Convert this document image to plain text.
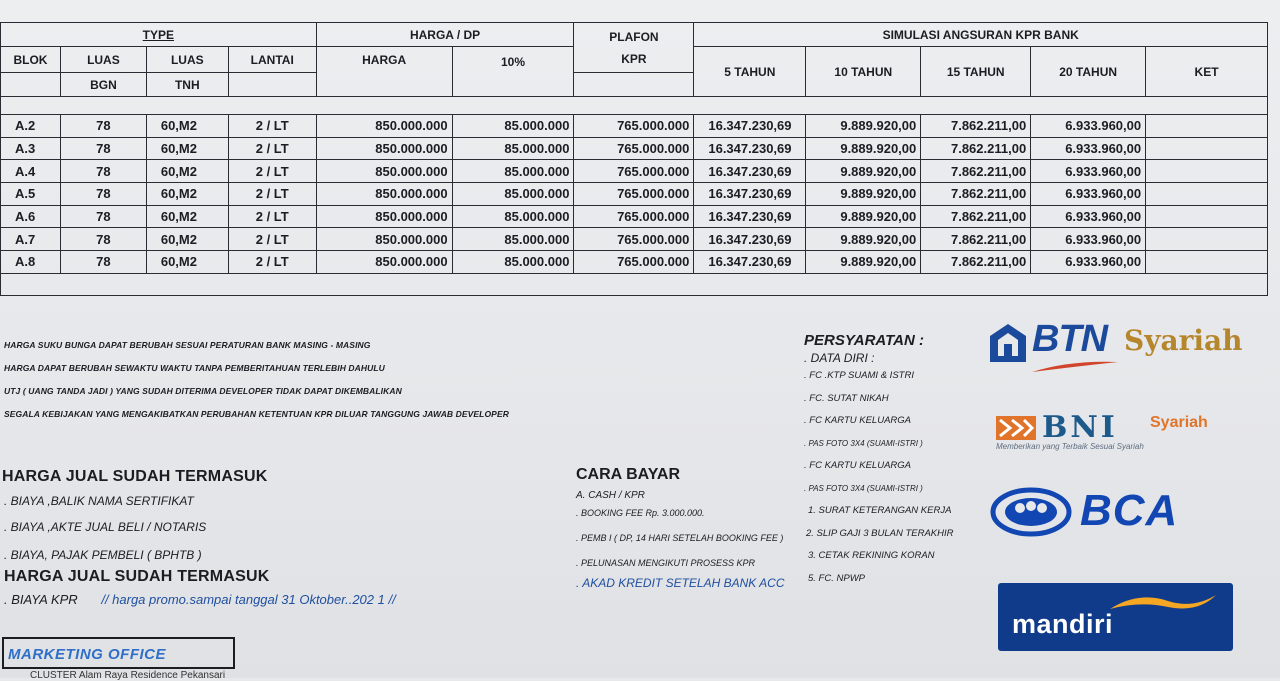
TYPE				HARGA / DP		PLAFON
KPR	SIMULASI ANGSURAN KPR BANK				
BLOK	LUAS	LUAS	LANTAI	HARGA	10%		5 TAHUN	10 TAHUN	15 TAHUN	20 TAHUN	KET
	BGN	TNH									

A.2	78	60,M2	2 / LT	850.000.000	85.000.000	765.000.000	16.347.230,69	9.889.920,00	7.862.211,00	6.933.960,00	
A.3	78	60,M2	2 / LT	850.000.000	85.000.000	765.000.000	16.347.230,69	9.889.920,00	7.862.211,00	6.933.960,00	
A.4	78	60,M2	2 / LT	850.000.000	85.000.000	765.000.000	16.347.230,69	9.889.920,00	7.862.211,00	6.933.960,00	
A.5	78	60,M2	2 / LT	850.000.000	85.000.000	765.000.000	16.347.230,69	9.889.920,00	7.862.211,00	6.933.960,00	
A.6	78	60,M2	2 / LT	850.000.000	85.000.000	765.000.000	16.347.230,69	9.889.920,00	7.862.211,00	6.933.960,00	
A.7	78	60,M2	2 / LT	850.000.000	85.000.000	765.000.000	16.347.230,69	9.889.920,00	7.862.211,00	6.933.960,00	
A.8	78	60,M2	2 / LT	850.000.000	85.000.000	765.000.000	16.347.230,69	9.889.920,00	7.862.211,00	6.933.960,00	

HARGA SUKU BUNGA DAPAT BERUBAH SESUAI PERATURAN BANK MASING - MASING
HARGA DAPAT BERUBAH SEWAKTU WAKTU TANPA PEMBERITAHUAN TERLEBIH DAHULU
UTJ ( UANG TANDA JADI ) YANG SUDAH DITERIMA DEVELOPER TIDAK DAPAT DIKEMBALIKAN
SEGALA KEBIJAKAN YANG MENGAKIBATKAN PERUBAHAN KETENTUAN KPR DILUAR TANGGUNG JAWAB DEVELOPER
HARGA JUAL SUDAH TERMASUK
. BIAYA ,BALIK NAMA SERTIFIKAT
. BIAYA ,AKTE JUAL BELI / NOTARIS
. BIAYA, PAJAK PEMBELI ( BPHTB )
HARGA JUAL SUDAH TERMASUK
. BIAYA KPR // harga promo.sampai tanggal 31 Oktober..202 1 //
CARA BAYAR
A. CASH / KPR
. BOOKING FEE Rp. 3.000.000.
. PEMB I ( DP, 14 HARI SETELAH BOOKING FEE )
. PELUNASAN MENGIKUTI PROSESS KPR
. AKAD KREDIT SETELAH BANK ACC
PERSYARATAN :
. DATA DIRI :
. FC .KTP SUAMI & ISTRI
. FC. SUTAT NIKAH
. FC KARTU KELUARGA
. PAS FOTO 3X4 (SUAMI-ISTRI )
. FC KARTU KELUARGA
. PAS FOTO 3X4 (SUAMI-ISTRI )
1. SURAT KETERANGAN KERJA
2. SLIP GAJI 3 BULAN TERAKHIR
3. CETAK REKINING KORAN
5. FC. NPWP
BTN Syariah
BNI Syariah
Memberikan yang Terbaik Sesuai Syariah
BCA
mandiri
MARKETING OFFICE
CLUSTER Alam Raya Residence Pekansari
